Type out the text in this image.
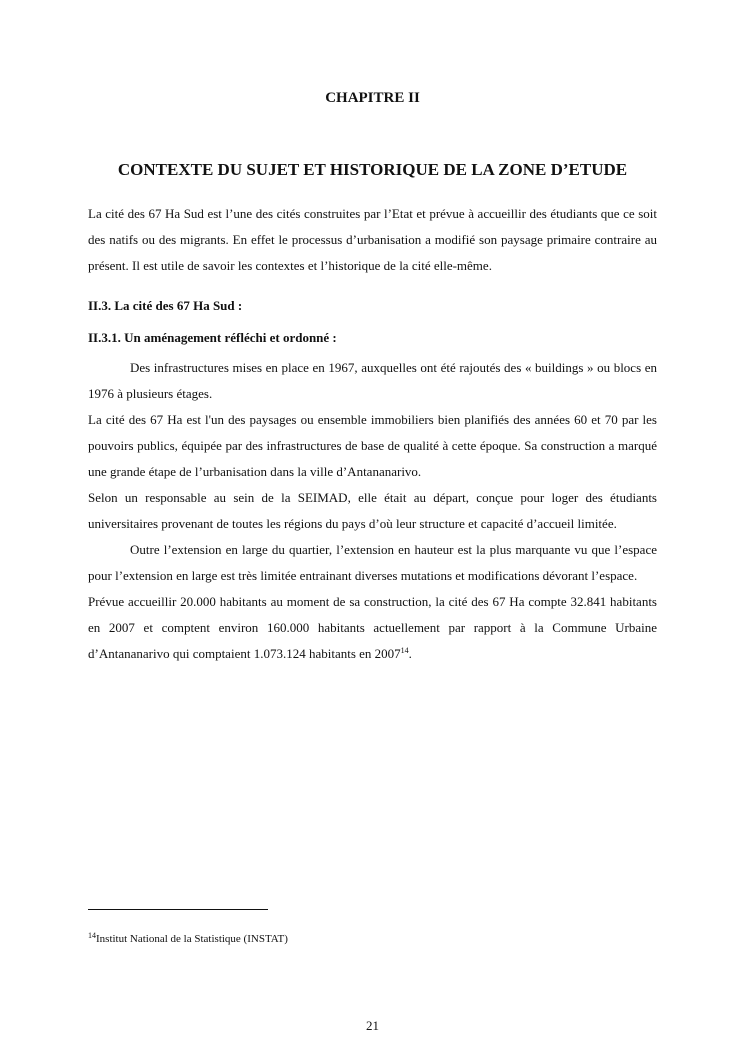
CHAPITRE II
CONTEXTE DU SUJET ET HISTORIQUE DE LA ZONE D’ETUDE

La cité des 67 Ha Sud est l’une des cités construites par l’Etat et prévue à accueillir des étudiants que ce soit des natifs ou des migrants. En effet le processus d’urbanisation a modifié son paysage primaire contraire au présent. Il est utile de savoir les contextes et l’historique de la cité elle-même.

II.3. La cité des 67 Ha Sud :

II.3.1. Un aménagement réfléchi et ordonné :

Des infrastructures mises en place en 1967, auxquelles ont été rajoutés des « buildings » ou blocs en 1976 à plusieurs étages.

La cité des 67 Ha est l'un des paysages ou ensemble immobiliers bien planifiés des années 60 et 70 par les pouvoirs publics, équipée par des infrastructures de base de qualité à cette époque. Sa construction a marqué une grande étape de l’urbanisation dans la ville d’Antananarivo.

Selon un responsable au sein de la SEIMAD, elle était au départ, conçue pour loger des étudiants universitaires provenant de toutes les régions du pays d’où leur structure et capacité d’accueil limitée.

Outre l’extension en large du quartier, l’extension en hauteur est la plus marquante vu que l’espace pour l’extension en large est très limitée entrainant diverses mutations et modifications dévorant l’espace.

Prévue accueillir 20.000 habitants au moment de sa construction, la cité des 67 Ha compte 32.841 habitants en 2007 et comptent environ 160.000 habitants actuellement par rapport à la Commune Urbaine d’Antananarivo qui comptaient 1.073.124 habitants en 2007$^{14}$.

$^{14}$Institut National de la Statistique (INSTAT)

21
